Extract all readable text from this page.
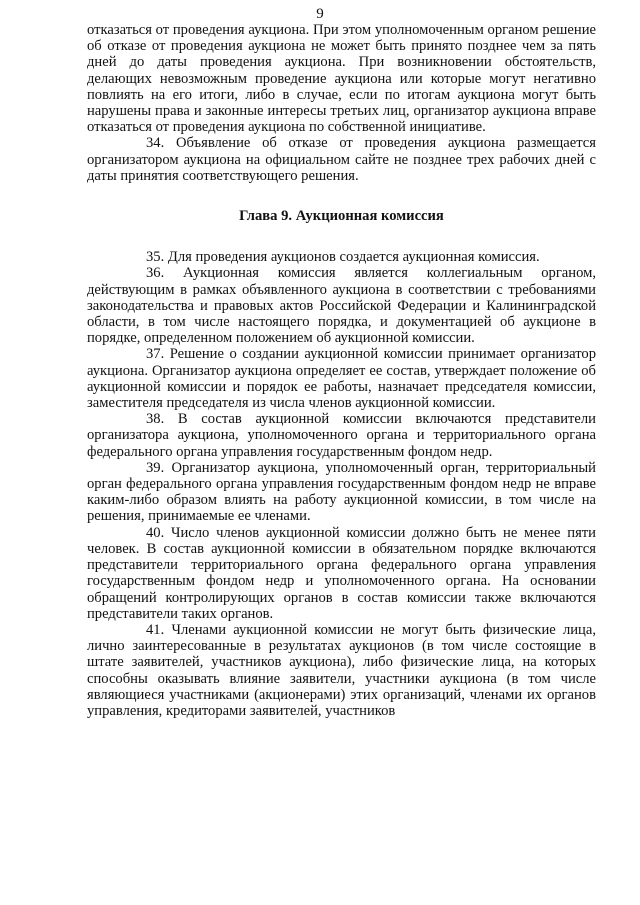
9

отказаться от проведения аукциона. При этом уполномоченным органом решение об отказе от проведения аукциона не может быть принято позднее чем за пять дней до даты проведения аукциона. При возникновении обстоятельств, делающих невозможным проведение аукциона или которые могут негативно повлиять на его итоги, либо в случае, если по итогам аукциона могут быть нарушены права и законные интересы третьих лиц, организатор аукциона вправе отказаться от проведения аукциона по собственной инициативе.

34. Объявление об отказе от проведения аукциона размещается организатором аукциона на официальном сайте не позднее трех рабочих дней с даты принятия соответствующего решения.

Глава 9. Аукционная комиссия

35. Для проведения аукционов создается аукционная комиссия.

36. Аукционная комиссия является коллегиальным органом, действующим в рамках объявленного аукциона в соответствии с требованиями законодательства и правовых актов Российской Федерации и Калининградской области, в том числе настоящего порядка, и документацией об аукционе в порядке, определенном положением об аукционной комиссии.

37. Решение о создании аукционной комиссии принимает организатор аукциона. Организатор аукциона определяет ее состав, утверждает положение об аукционной комиссии и порядок ее работы, назначает председателя комиссии, заместителя председателя из числа членов аукционной комиссии.

38. В состав аукционной комиссии включаются представители организатора аукциона, уполномоченного органа и территориального органа федерального органа управления государственным фондом недр.

39. Организатор аукциона, уполномоченный орган, территориальный орган федерального органа управления государственным фондом недр не вправе каким-либо образом влиять на работу аукционной комиссии, в том числе на решения, принимаемые ее членами.

40. Число членов аукционной комиссии должно быть не менее пяти человек. В состав аукционной комиссии в обязательном порядке включаются представители территориального органа федерального органа управления государственным фондом недр и уполномоченного органа. На основании обращений контролирующих органов в состав комиссии также включаются представители таких органов.

41. Членами аукционной комиссии не могут быть физические лица, лично заинтересованные в результатах аукционов (в том числе состоящие в штате заявителей, участников аукциона), либо физические лица, на которых способны оказывать влияние заявители, участники аукциона (в том числе являющиеся участниками (акционерами) этих организаций, членами их органов управления, кредиторами заявителей, участников
